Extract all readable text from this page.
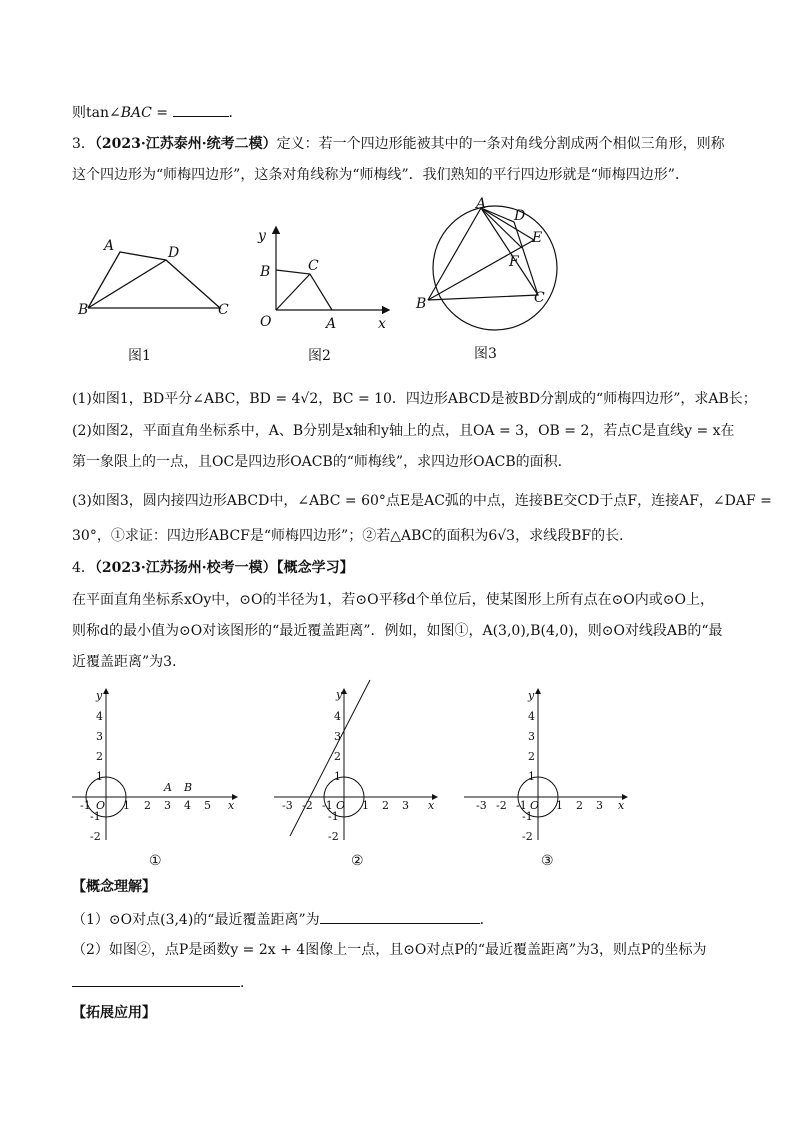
则tan∠BAC =	．
3．（2023·江苏泰州·统考二模）定义：若一个四边形能被其中的一条对角线分割成两个相似三角形，则称
这个四边形为“师梅四边形”，这条对角线称为“师梅线”．我们熟知的平行四边形就是“师梅四边形”．
A	D
B	C
图1
y
B	C
O	A	x
图2
A
D
E
F
B	C
图3
(1)如图1，BD平分∠ABC，BD = 4√2，BC = 10．四边形ABCD是被BD分割成的“师梅四边形”，求AB长；
(2)如图2，平面直角坐标系中，A、B分别是x轴和y轴上的点，且OA = 3，OB = 2，若点C是直线y = x在
第一象限上的一点，且OC是四边形OACB的“师梅线”，求四边形OACB的面积．
(3)如图3，圆内接四边形ABCD中，∠ABC = 60°点E是AC弧的中点，连接BE交CD于点F，连接AF，∠DAF =
30°，①求证：四边形ABCF是“师梅四边形”；②若△ABC的面积为6√3，求线段BF的长．
4．（2023·江苏扬州·校考一模）【概念学习】
在平面直角坐标系xOy中，⊙O的半径为1，若⊙O平移d个单位后，使某图形上所有点在⊙O内或⊙O上，
则称d的最小值为⊙O对该图形的“最近覆盖距离”．例如，如图①，A(3,0),B(4,0)，则⊙O对线段AB的“最
近覆盖距离”为3．
x
y
-1 O 1 2 3 4 5
4
3
2
1
-1
-2
A B
①
x
y
-3 -2 -1 O 1 2 3
4
3
2
1
-1
-2
②
x
y
-3 -2 -1 O 1 2 3
4
3
2
1
-1
-2
③
【概念理解】
（1）⊙O对点(3,4)的“最近覆盖距离”为	．
（2）如图②，点P是函数y = 2x + 4图像上一点，且⊙O对点P的“最近覆盖距离”为3，则点P的坐标为
．
【拓展应用】
